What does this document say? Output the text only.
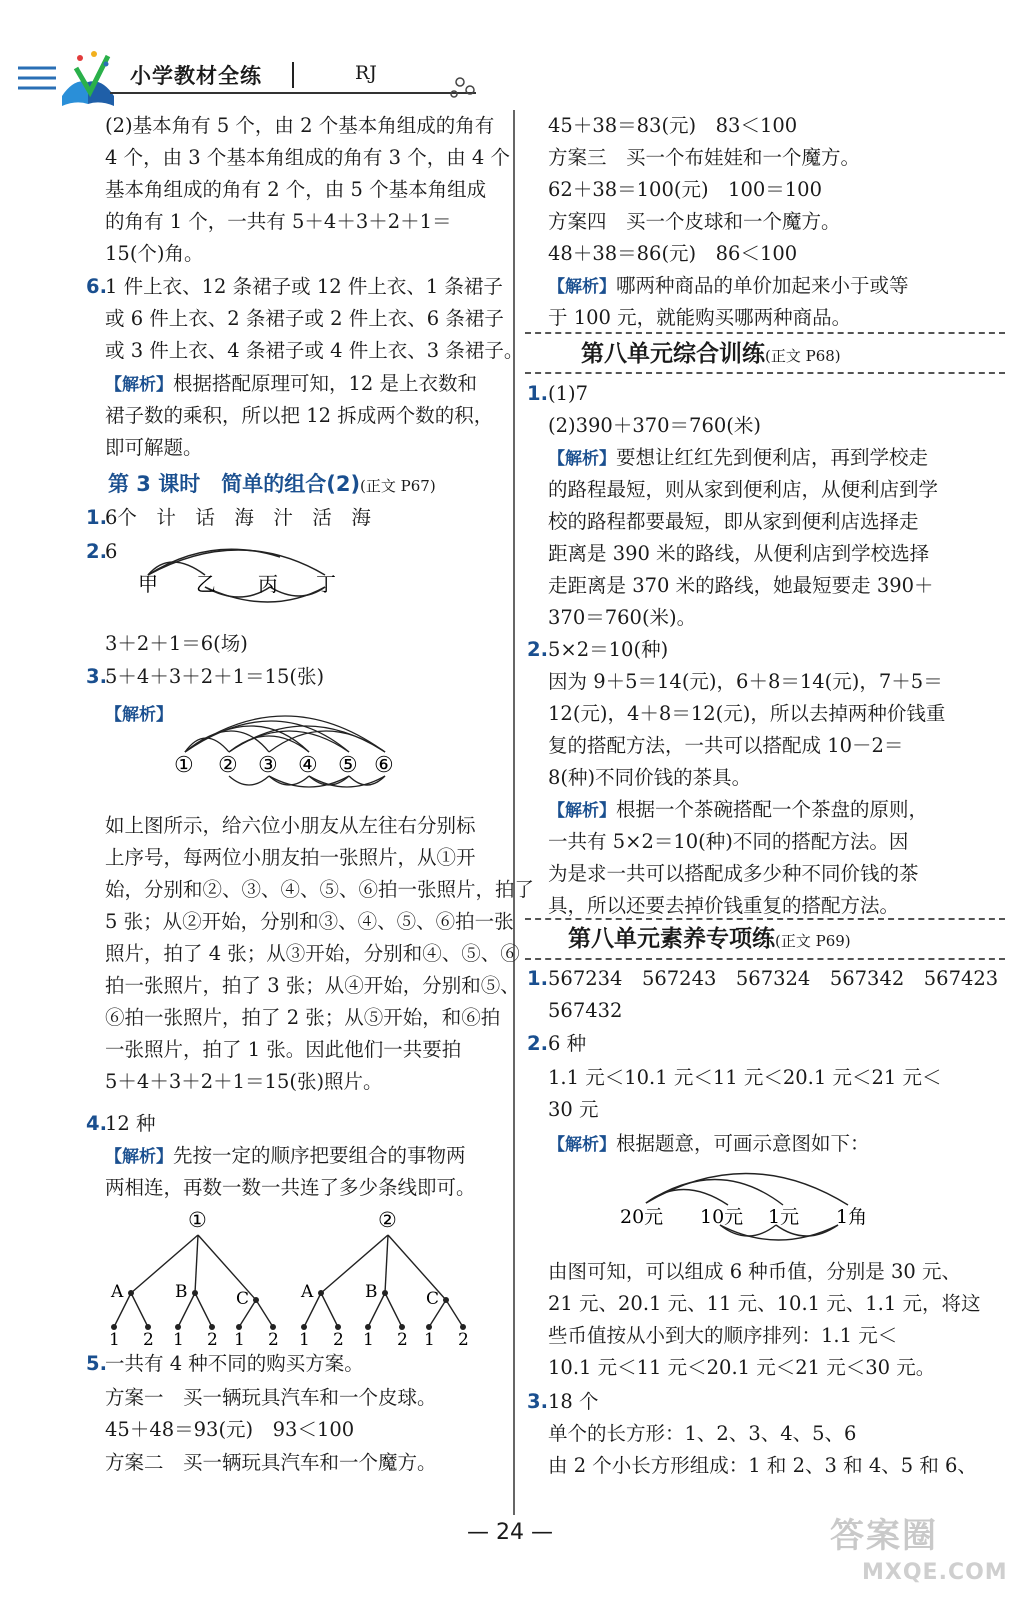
小学教材全练	RJ
(2)基本角有 5 个，由 2 个基本角组成的角有
4 个，由 3 个基本角组成的角有 3 个，由 4 个
基本角组成的角有 2 个，由 5 个基本角组成
的角有 1 个，一共有 5＋4＋3＋2＋1＝
15(个)角。
6.
1 件上衣、12 条裙子或 12 件上衣、1 条裙子
或 6 件上衣、2 条裙子或 2 件上衣、6 条裙子
或 3 件上衣、4 条裙子或 4 件上衣、3 条裙子。
【解析】根据搭配原理可知，12 是上衣数和
裙子数的乘积，所以把 12 拆成两个数的积，
即可解题。
第 3 课时　简单的组合(2)(正文 P67)
1.
6个　计　话　海　汁　活　海
2.
6
甲 乙 丙 丁
3＋2＋1＝6(场)
3.
5＋4＋3＋2＋1＝15(张)
【解析】
① ② ③ ④ ⑤ ⑥
如上图所示，给六位小朋友从左往右分别标
上序号，每两位小朋友拍一张照片，从①开
始，分别和②、③、④、⑤、⑥拍一张照片，拍了
5 张；从②开始，分别和③、④、⑤、⑥拍一张
照片，拍了 4 张；从③开始，分别和④、⑤、⑥
拍一张照片，拍了 3 张；从④开始，分别和⑤、
⑥拍一张照片，拍了 2 张；从⑤开始，和⑥拍
一张照片，拍了 1 张。因此他们一共要拍
5＋4＋3＋2＋1＝15(张)照片。
4.
12 种
【解析】先按一定的顺序把要组合的事物两
两相连，再数一数一共连了多少条线即可。
①
A
1 2
B
1 2
C
1 2
②
A
1 2
B
1 2
C
1 2
5.
一共有 4 种不同的购买方案。
方案一　买一辆玩具汽车和一个皮球。
45＋48＝93(元)　93＜100
方案二　买一辆玩具汽车和一个魔方。
45＋38＝83(元)　83＜100
方案三　买一个布娃娃和一个魔方。
62＋38＝100(元)　100＝100
方案四　买一个皮球和一个魔方。
48＋38＝86(元)　86＜100
【解析】哪两种商品的单价加起来小于或等
于 100 元，就能购买哪两种商品。
第八单元综合训练(正文 P68)
1. (1)7
(2)390＋370＝760(米)
【解析】要想让红红先到便利店，再到学校走
的路程最短，则从家到便利店，从便利店到学
校的路程都要最短，即从家到便利店选择走
距离是 390 米的路线，从便利店到学校选择
走距离是 370 米的路线，她最短要走 390＋
370＝760(米)。
2. 5×2＝10(种)
因为 9＋5＝14(元)，6＋8＝14(元)，7＋5＝
12(元)，4＋8＝12(元)，所以去掉两种价钱重
复的搭配方法，一共可以搭配成 10－2＝
8(种)不同价钱的茶具。
【解析】根据一个茶碗搭配一个茶盘的原则，
一共有 5×2＝10(种)不同的搭配方法。因
为是求一共可以搭配成多少种不同价钱的茶
具，所以还要去掉价钱重复的搭配方法。
第八单元素养专项练(正文 P69)
1. 567234　567243　567324　567342　567423
567432
2. 6 种
1.1 元＜10.1 元＜11 元＜20.1 元＜21 元＜
30 元
【解析】根据题意，可画示意图如下：
20元 10元 1元 1角
由图可知，可以组成 6 种币值，分别是 30 元、
21 元、20.1 元、11 元、10.1 元、1.1 元，将这
些币值按从小到大的顺序排列：1.1 元＜
10.1 元＜11 元＜20.1 元＜21 元＜30 元。
3. 18 个
单个的长方形：1、2、3、4、5、6
由 2 个小长方形组成：1 和 2、3 和 4、5 和 6、
— 24 —	答案圈
MXQE.COM
